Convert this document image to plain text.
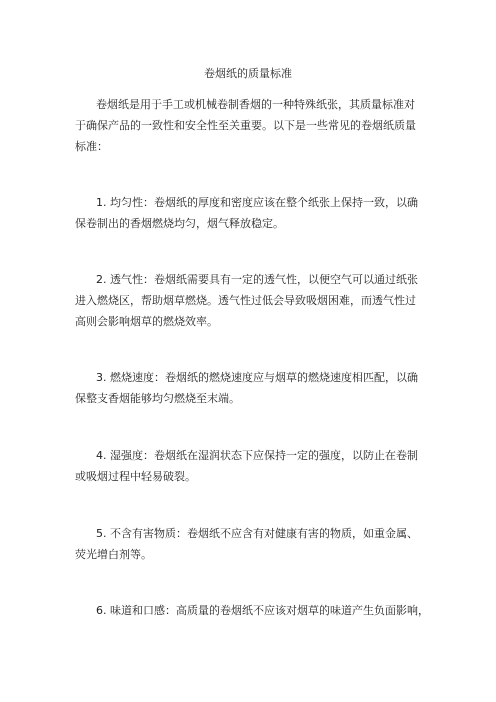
卷烟纸的质量标准

卷烟纸是用于手工或机械卷制香烟的一种特殊纸张，其质量标准对
于确保产品的一致性和安全性至关重要。以下是一些常见的卷烟纸质量
标准：

1. 均匀性：卷烟纸的厚度和密度应该在整个纸张上保持一致，以确
保卷制出的香烟燃烧均匀，烟气释放稳定。

2. 透气性：卷烟纸需要具有一定的透气性，以便空气可以通过纸张
进入燃烧区，帮助烟草燃烧。透气性过低会导致吸烟困难，而透气性过
高则会影响烟草的燃烧效率。

3. 燃烧速度：卷烟纸的燃烧速度应与烟草的燃烧速度相匹配，以确
保整支香烟能够均匀燃烧至末端。

4. 湿强度：卷烟纸在湿润状态下应保持一定的强度，以防止在卷制
或吸烟过程中轻易破裂。

5. 不含有害物质：卷烟纸不应含有对健康有害的物质，如重金属、
荧光增白剂等。

6. 味道和口感：高质量的卷烟纸不应该对烟草的味道产生负面影响，
